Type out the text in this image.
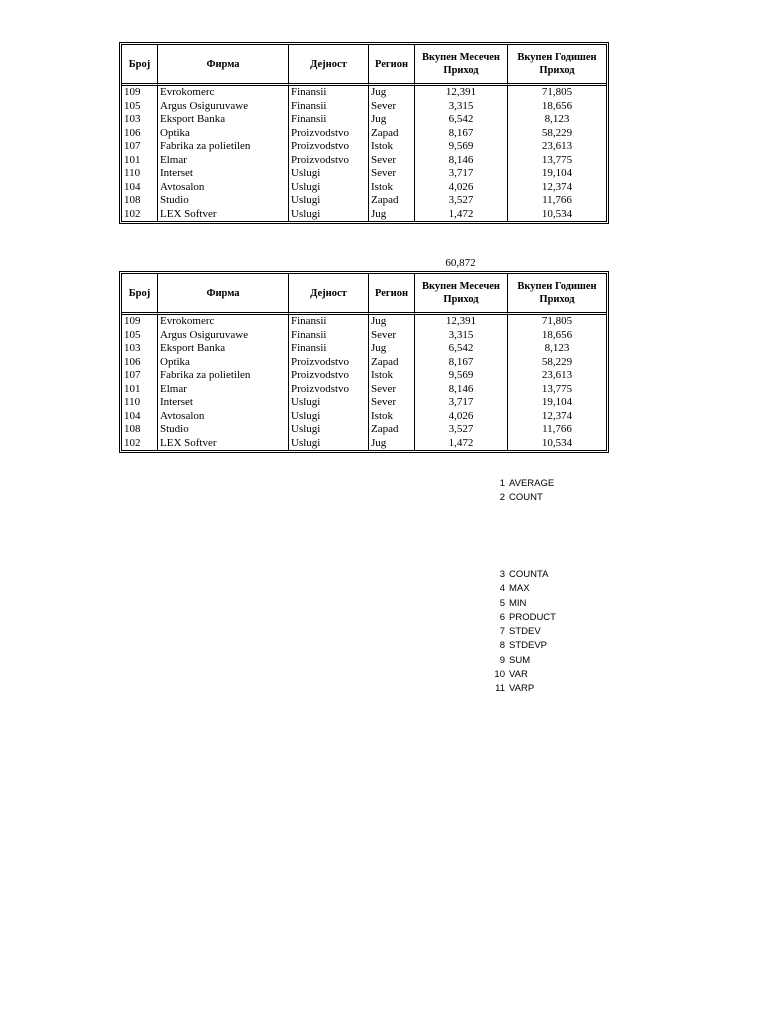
Број	Фирма	Дејност	Регион	Вкупен Месечен Приход	Вкупен Годишен Приход
109	Evrokomerc	Finansii	Jug	12,391	71,805
105	Argus Osiguruvawe	Finansii	Sever	3,315	18,656
103	Eksport Banka	Finansii	Jug	6,542	8,123
106	Optika	Proizvodstvo	Zapad	8,167	58,229
107	Fabrika za polietilen	Proizvodstvo	Istok	9,569	23,613
101	Elmar	Proizvodstvo	Sever	8,146	13,775
110	Interset	Uslugi	Sever	3,717	19,104
104	Avtosalon	Uslugi	Istok	4,026	12,374
108	Studio	Uslugi	Zapad	3,527	11,766
102	LEX Softver	Uslugi	Jug	1,472	10,534
60,872
Број	Фирма	Дејност	Регион	Вкупен Месечен Приход	Вкупен Годишен Приход
109	Evrokomerc	Finansii	Jug	12,391	71,805
105	Argus Osiguruvawe	Finansii	Sever	3,315	18,656
103	Eksport Banka	Finansii	Jug	6,542	8,123
106	Optika	Proizvodstvo	Zapad	8,167	58,229
107	Fabrika za polietilen	Proizvodstvo	Istok	9,569	23,613
101	Elmar	Proizvodstvo	Sever	8,146	13,775
110	Interset	Uslugi	Sever	3,717	19,104
104	Avtosalon	Uslugi	Istok	4,026	12,374
108	Studio	Uslugi	Zapad	3,527	11,766
102	LEX Softver	Uslugi	Jug	1,472	10,534
1 AVERAGE
2 COUNT
3 COUNTA
4 MAX
5 MIN
6 PRODUCT
7 STDEV
8 STDEVP
9 SUM
10 VAR
11 VARP
